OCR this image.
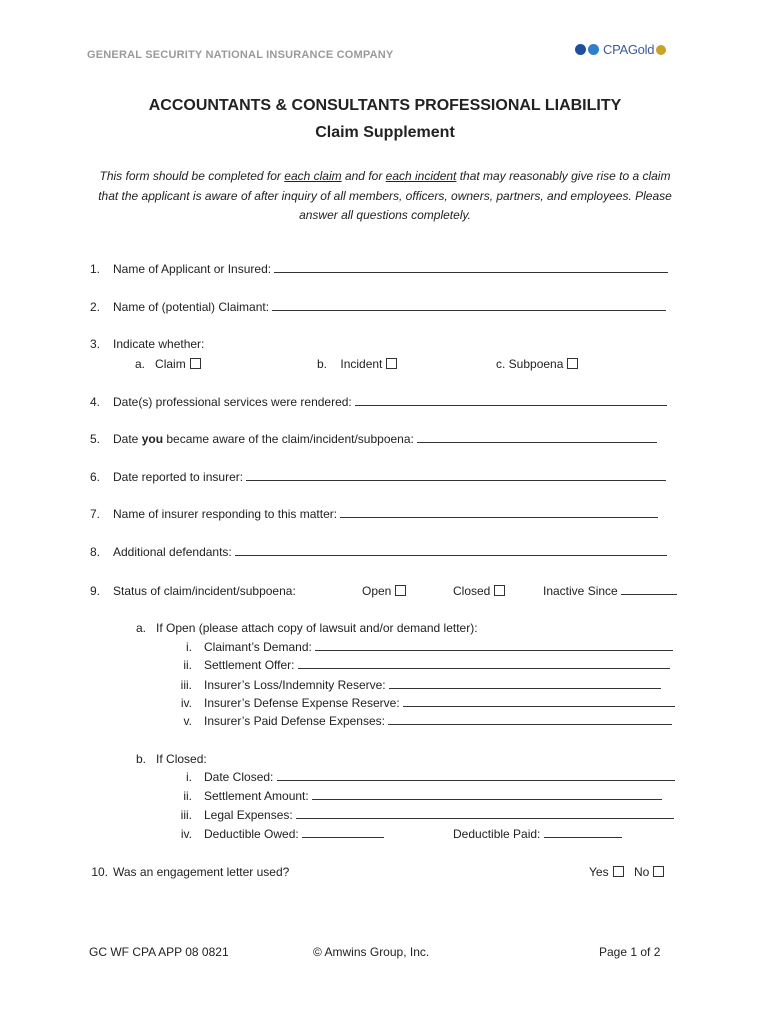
GENERAL SECURITY NATIONAL INSURANCE COMPANY	CPAGold
ACCOUNTANTS & CONSULTANTS PROFESSIONAL LIABILITY
Claim Supplement
This form should be completed for each claim and for each incident that may reasonably give rise to a claim that the applicant is aware of after inquiry of all members, officers, owners, partners, and employees. Please answer all questions completely.
1. Name of Applicant or Insured:
2. Name of (potential) Claimant:
3. Indicate whether:
a. Claim	b. Incident	c. Subpoena
4. Date(s) professional services were rendered:
5. Date you became aware of the claim/incident/subpoena:
6. Date reported to insurer:
7. Name of insurer responding to this matter:
8. Additional defendants:
9. Status of claim/incident/subpoena:	Open	Closed	Inactive Since
a. If Open (please attach copy of lawsuit and/or demand letter):
i. Claimant’s Demand:
ii. Settlement Offer:
iii. Insurer’s Loss/Indemnity Reserve:
iv. Insurer’s Defense Expense Reserve:
v. Insurer’s Paid Defense Expenses:
b. If Closed:
i. Date Closed:
ii. Settlement Amount:
iii. Legal Expenses:
iv. Deductible Owed:	Deductible Paid:
10. Was an engagement letter used?	Yes	No
GC WF CPA APP 08 0821	© Amwins Group, Inc.	Page 1 of 2
